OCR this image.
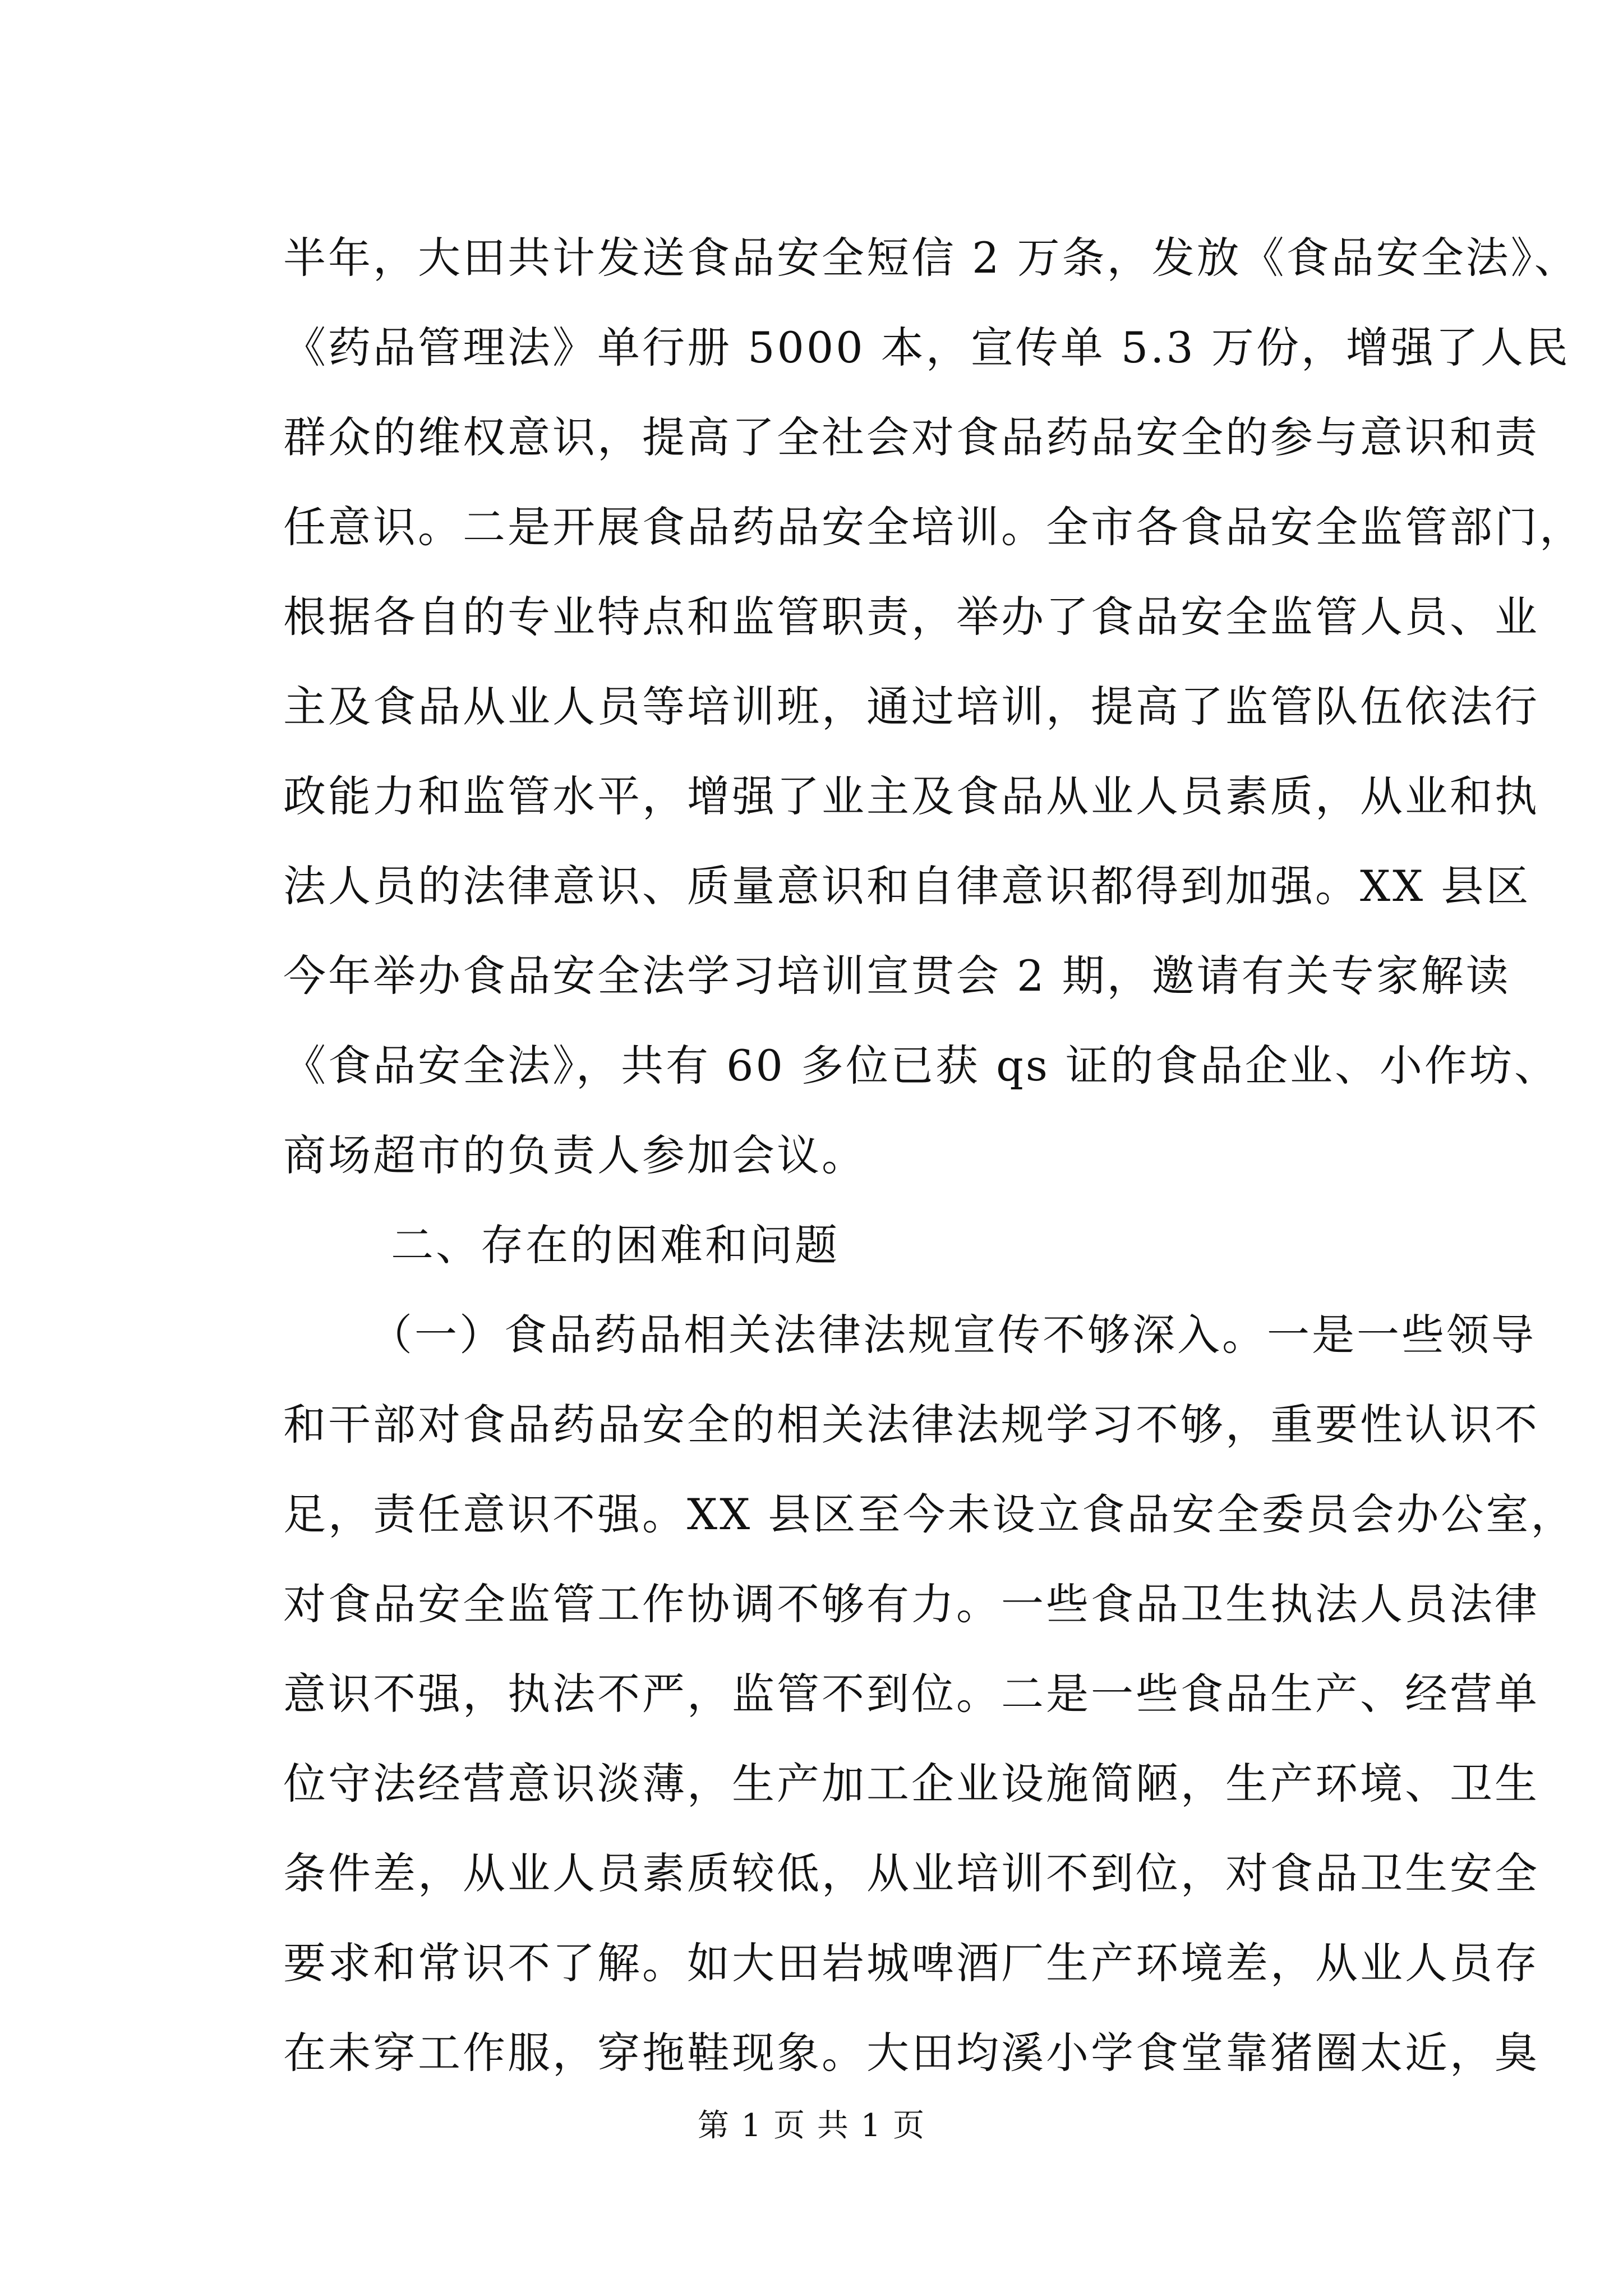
半年，大田共计发送食品安全短信 2 万条，发放《食品安全法》、
《药品管理法》单行册 5000 本，宣传单 5.3 万份，增强了人民
群众的维权意识，提高了全社会对食品药品安全的参与意识和责
任意识。二是开展食品药品安全培训。全市各食品安全监管部门，
根据各自的专业特点和监管职责，举办了食品安全监管人员、业
主及食品从业人员等培训班，通过培训，提高了监管队伍依法行
政能力和监管水平，增强了业主及食品从业人员素质，从业和执
法人员的法律意识、质量意识和自律意识都得到加强。XX 县区
今年举办食品安全法学习培训宣贯会 2 期，邀请有关专家解读
《食品安全法》，共有 60 多位已获 qs 证的食品企业、小作坊、
商场超市的负责人参加会议。
　　二、存在的困难和问题
　　（一）食品药品相关法律法规宣传不够深入。一是一些领导
和干部对食品药品安全的相关法律法规学习不够，重要性认识不
足，责任意识不强。XX 县区至今未设立食品安全委员会办公室，
对食品安全监管工作协调不够有力。一些食品卫生执法人员法律
意识不强，执法不严，监管不到位。二是一些食品生产、经营单
位守法经营意识淡薄，生产加工企业设施简陋，生产环境、卫生
条件差，从业人员素质较低，从业培训不到位，对食品卫生安全
要求和常识不了解。如大田岩城啤酒厂生产环境差，从业人员存
在未穿工作服，穿拖鞋现象。大田均溪小学食堂靠猪圈太近，臭
第 1 页 共 1 页
